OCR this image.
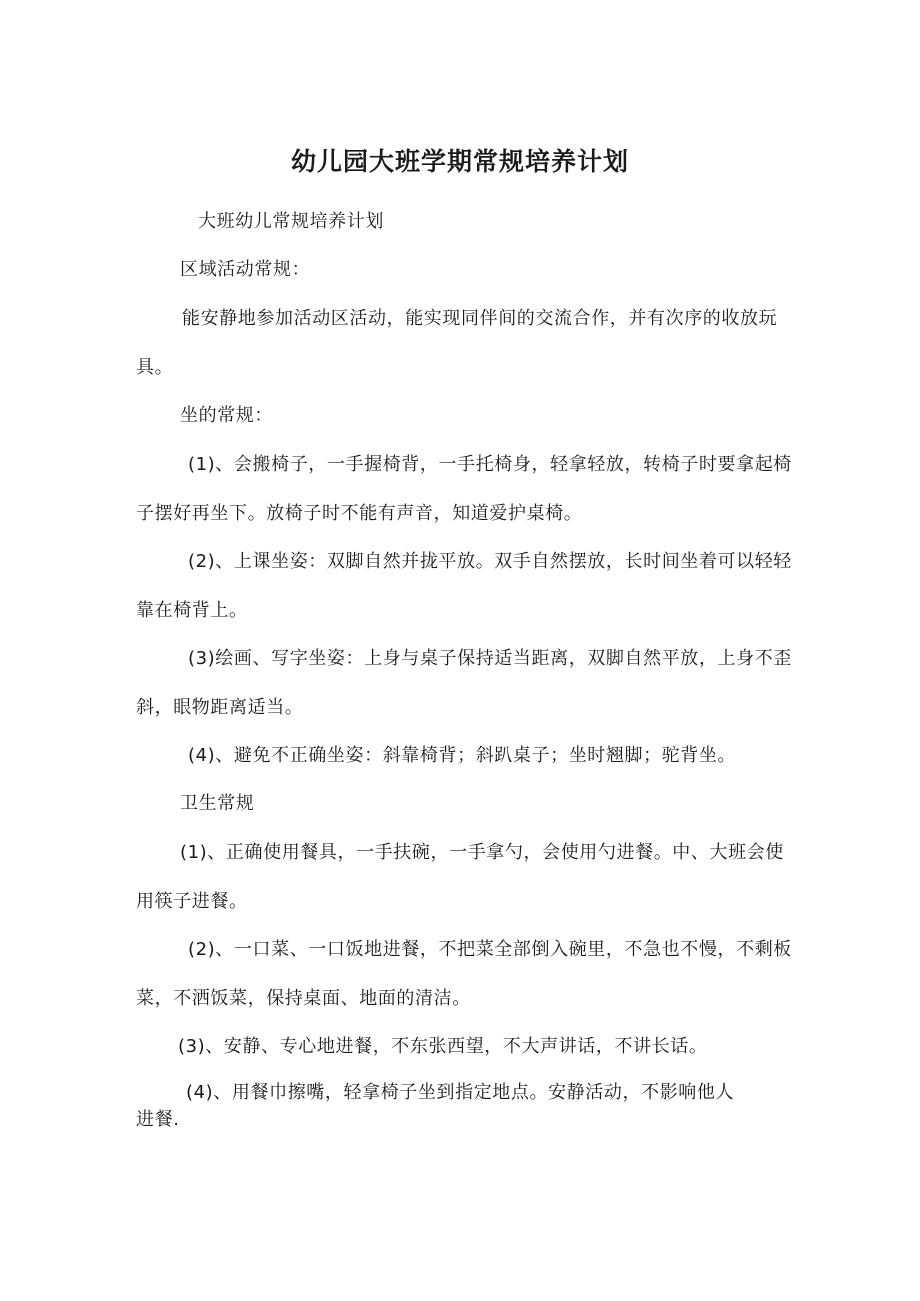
幼儿园大班学期常规培养计划

大班幼儿常规培养计划

区域活动常规：

能安静地参加活动区活动，能实现同伴间的交流合作，并有次序的收放玩具。

坐的常规：

(1)、会搬椅子，一手握椅背，一手托椅身，轻拿轻放，转椅子时要拿起椅子摆好再坐下。放椅子时不能有声音，知道爱护桌椅。

(2)、上课坐姿：双脚自然并拢平放。双手自然摆放，长时间坐着可以轻轻靠在椅背上。

(3)绘画、写字坐姿：上身与桌子保持适当距离，双脚自然平放，上身不歪斜，眼物距离适当。

(4)、避免不正确坐姿：斜靠椅背；斜趴桌子；坐时翘脚；驼背坐。

卫生常规

(1)、正确使用餐具，一手扶碗，一手拿勺，会使用勺进餐。中、大班会使用筷子进餐。

(2)、一口菜、一口饭地进餐，不把菜全部倒入碗里，不急也不慢，不剩板菜，不洒饭菜，保持桌面、地面的清洁。

(3)、安静、专心地进餐，不东张西望，不大声讲话，不讲长话。

(4)、用餐巾擦嘴，轻拿椅子坐到指定地点。安静活动，不影响他人进餐.
